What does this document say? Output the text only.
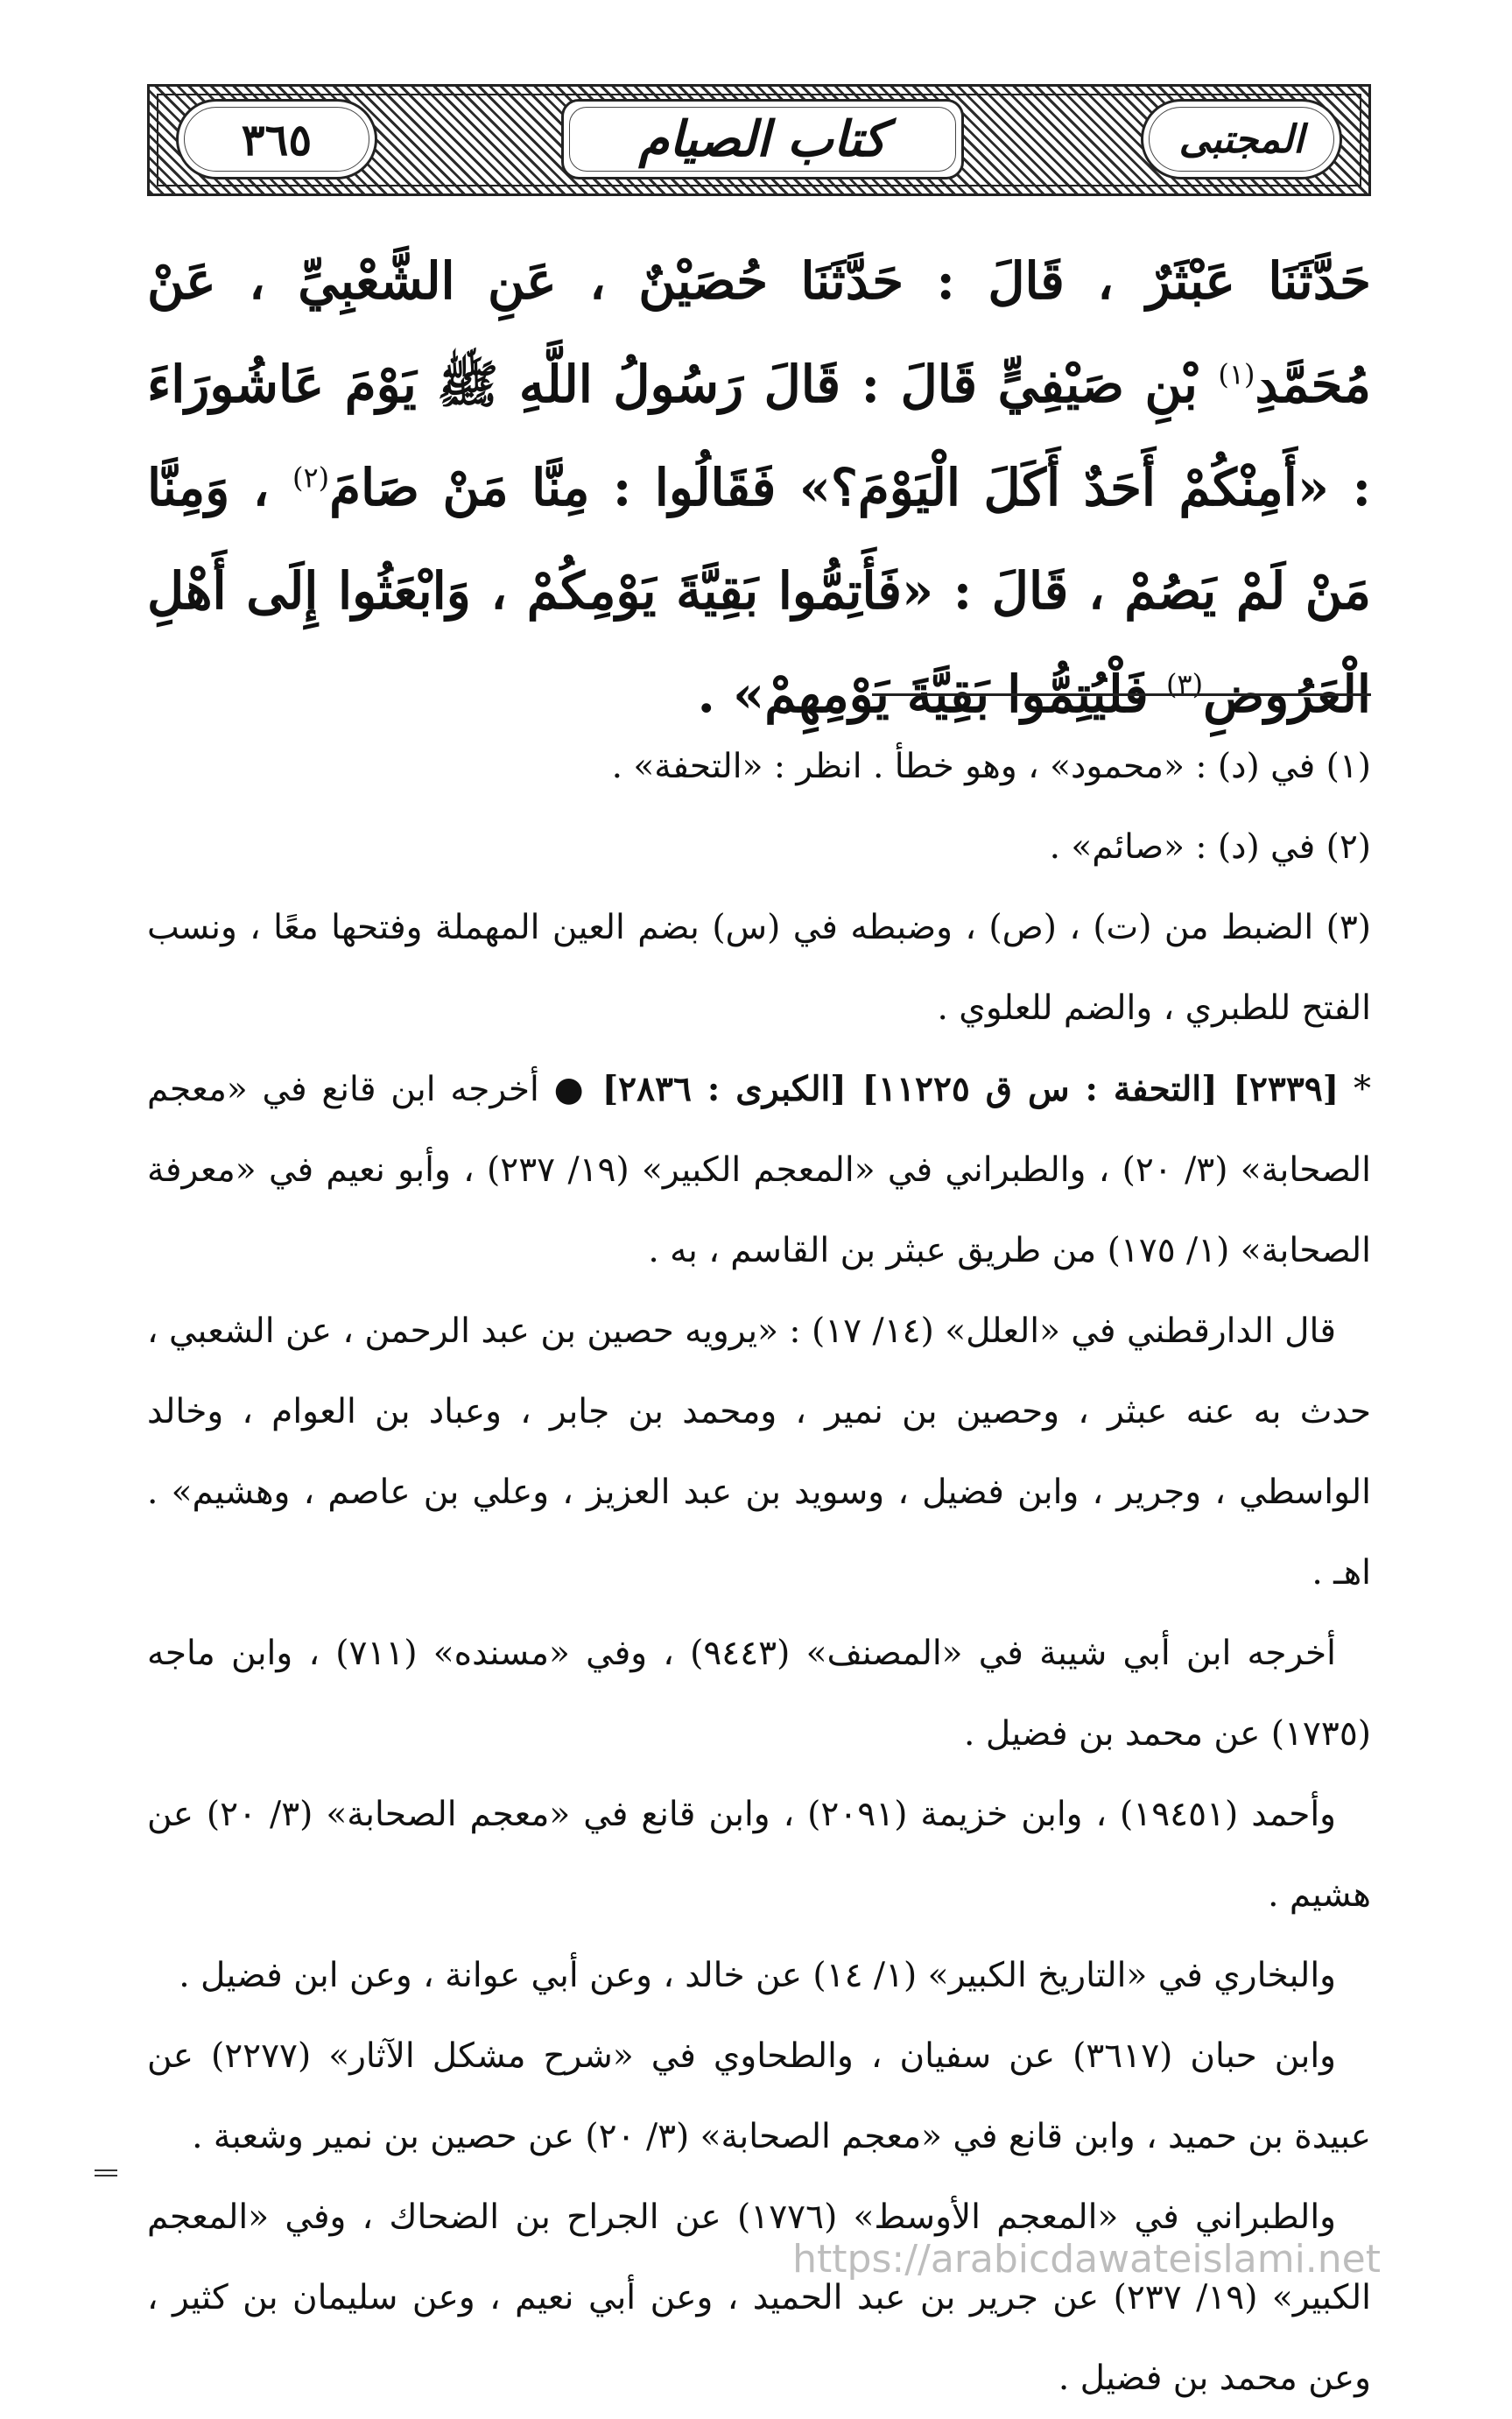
٣٦٥	كتاب الصيام	المجتبى

حَدَّثَنَا عَبْثَرٌ ، قَالَ : حَدَّثَنَا حُصَيْنٌ ، عَنِ الشَّعْبِيِّ ، عَنْ مُحَمَّدِ$^{(١)}$ بْنِ صَيْفِيٍّ قَالَ : قَالَ رَسُولُ اللَّهِ ﷺ يَوْمَ عَاشُورَاءَ : «أَمِنْكُمْ أَحَدٌ أَكَلَ الْيَوْمَ؟» فَقَالُوا : مِنَّا مَنْ صَامَ$^{(٢)}$ ، وَمِنَّا مَنْ لَمْ يَصُمْ ، قَالَ : «فَأَتِمُّوا بَقِيَّةَ يَوْمِكُمْ ، وَابْعَثُوا إِلَى أَهْلِ الْعَرُوضِ$^{(٣)}$ فَلْيُتِمُّوا بَقِيَّةَ يَوْمِهِمْ» .

(١) في (د) : «محمود» ، وهو خطأ . انظر : «التحفة» .

(٢) في (د) : «صائم» .

(٣) الضبط من (ت) ، (ص) ، وضبطه في (س) بضم العين المهملة وفتحها معًا ، ونسب الفتح للطبري ، والضم للعلوي .

* [٢٣٣٩] [التحفة : س ق ١١٢٢٥] [الكبرى : ٢٨٣٦] ● أخرجه ابن قانع في «معجم الصحابة» (٣/ ٢٠) ، والطبراني في «المعجم الكبير» (١٩/ ٢٣٧) ، وأبو نعيم في «معرفة الصحابة» (١/ ١٧٥) من طريق عبثر بن القاسم ، به .

قال الدارقطني في «العلل» (١٤/ ١٧) : «يرويه حصين بن عبد الرحمن ، عن الشعبي ، حدث به عنه عبثر ، وحصين بن نمير ، ومحمد بن جابر ، وعباد بن العوام ، وخالد الواسطي ، وجرير ، وابن فضيل ، وسويد بن عبد العزيز ، وعلي بن عاصم ، وهشيم» . اهـ .

أخرجه ابن أبي شيبة في «المصنف» (٩٤٤٣) ، وفي «مسنده» (٧١١) ، وابن ماجه (١٧٣٥) عن محمد بن فضيل .

وأحمد (١٩٤٥١) ، وابن خزيمة (٢٠٩١) ، وابن قانع في «معجم الصحابة» (٣/ ٢٠) عن هشيم .

والبخاري في «التاريخ الكبير» (١/ ١٤) عن خالد ، وعن أبي عوانة ، وعن ابن فضيل .

وابن حبان (٣٦١٧) عن سفيان ، والطحاوي في «شرح مشكل الآثار» (٢٢٧٧) عن عبيدة بن حميد ، وابن قانع في «معجم الصحابة» (٣/ ٢٠) عن حصين بن نمير وشعبة .

والطبراني في «المعجم الأوسط» (١٧٧٦) عن الجراح بن الضحاك ، وفي «المعجم الكبير» (١٩/ ٢٣٧) عن جرير بن عبد الحميد ، وعن أبي نعيم ، وعن سليمان بن كثير ، وعن محمد بن فضيل .

https://arabicdawateislami.net
